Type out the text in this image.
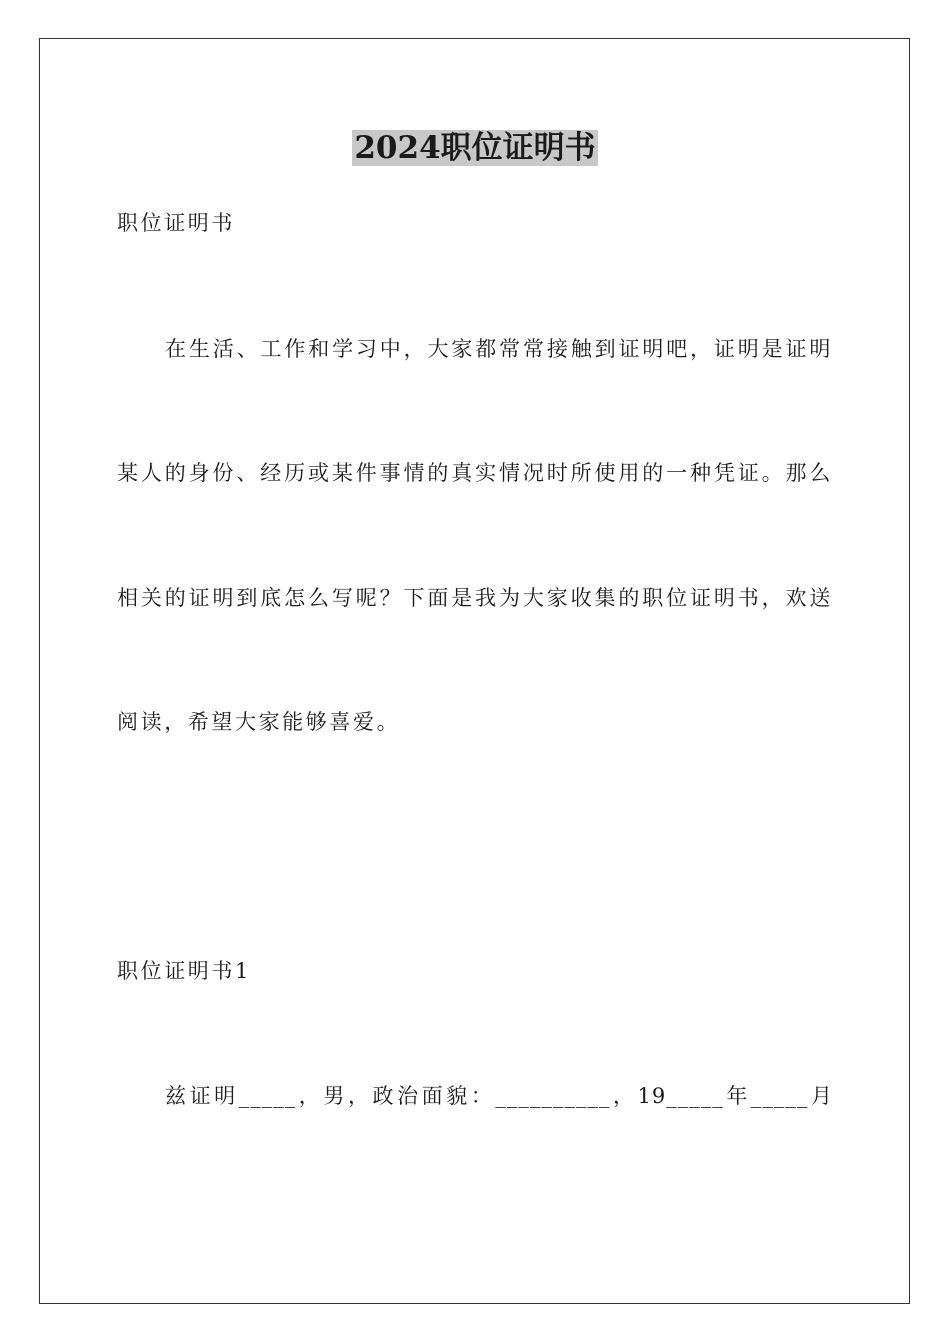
2024职位证明书
职位证明书
在生活、工作和学习中，大家都常常接触到证明吧，证明是证明
某人的身份、经历或某件事情的真实情况时所使用的一种凭证。那么
相关的证明到底怎么写呢？下面是我为大家收集的职位证明书，欢送
阅读，希望大家能够喜爱。
职位证明书1
兹证明_____，男，政治面貌：__________，19_____年_____月
